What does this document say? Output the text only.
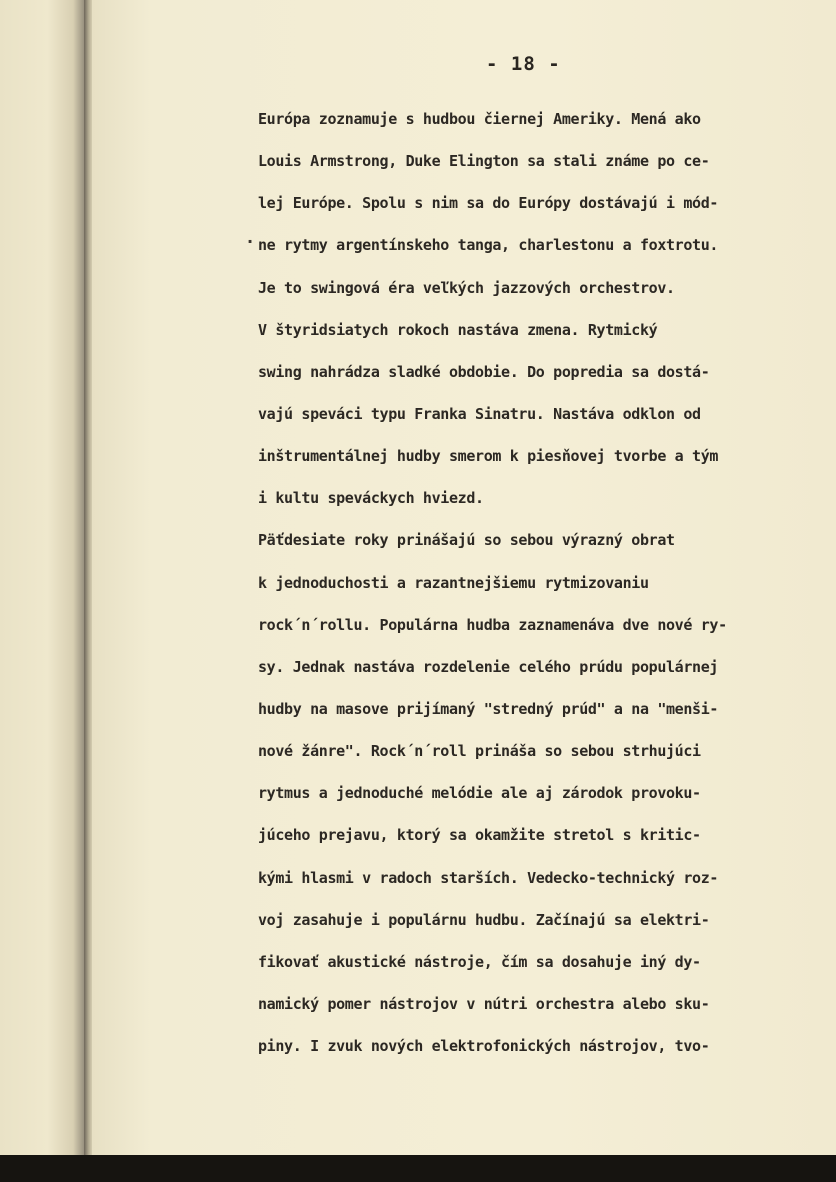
- 18 -
·
Európa zoznamuje s hudbou čiernej Ameriky. Mená ako
Louis Armstrong, Duke Elington sa stali známe po ce-
lej Európe. Spolu s nim sa do Európy dostávajú i mód-
ne rytmy argentínskeho tanga, charlestonu a foxtrotu.
Je to swingová éra veľkých jazzových orchestrov.
V štyridsiatych rokoch nastáva zmena. Rytmický
swing nahrádza sladké obdobie. Do popredia sa dostá-
vajú speváci typu Franka Sinatru. Nastáva odklon od
inštrumentálnej hudby smerom k piesňovej tvorbe a tým
i kultu speváckych hviezd.
Päťdesiate roky prinášajú so sebou výrazný obrat
k jednoduchosti a razantnejšiemu rytmizovaniu
rock´n´rollu. Populárna hudba zaznamenáva dve nové ry-
sy. Jednak nastáva rozdelenie celého prúdu populárnej
hudby na masove prijímaný "stredný prúd" a na "menši-
nové žánre". Rock´n´roll prináša so sebou strhujúci
rytmus a jednoduché melódie ale aj zárodok provoku-
júceho prejavu, ktorý sa okamžite stretol s kritic-
kými hlasmi v radoch starších. Vedecko-technický roz-
voj zasahuje i populárnu hudbu. Začínajú sa elektri-
fikovať akustické nástroje, čím sa dosahuje iný dy-
namický pomer nástrojov v nútri orchestra alebo sku-
piny. I zvuk nových elektrofonických nástrojov, tvo-
